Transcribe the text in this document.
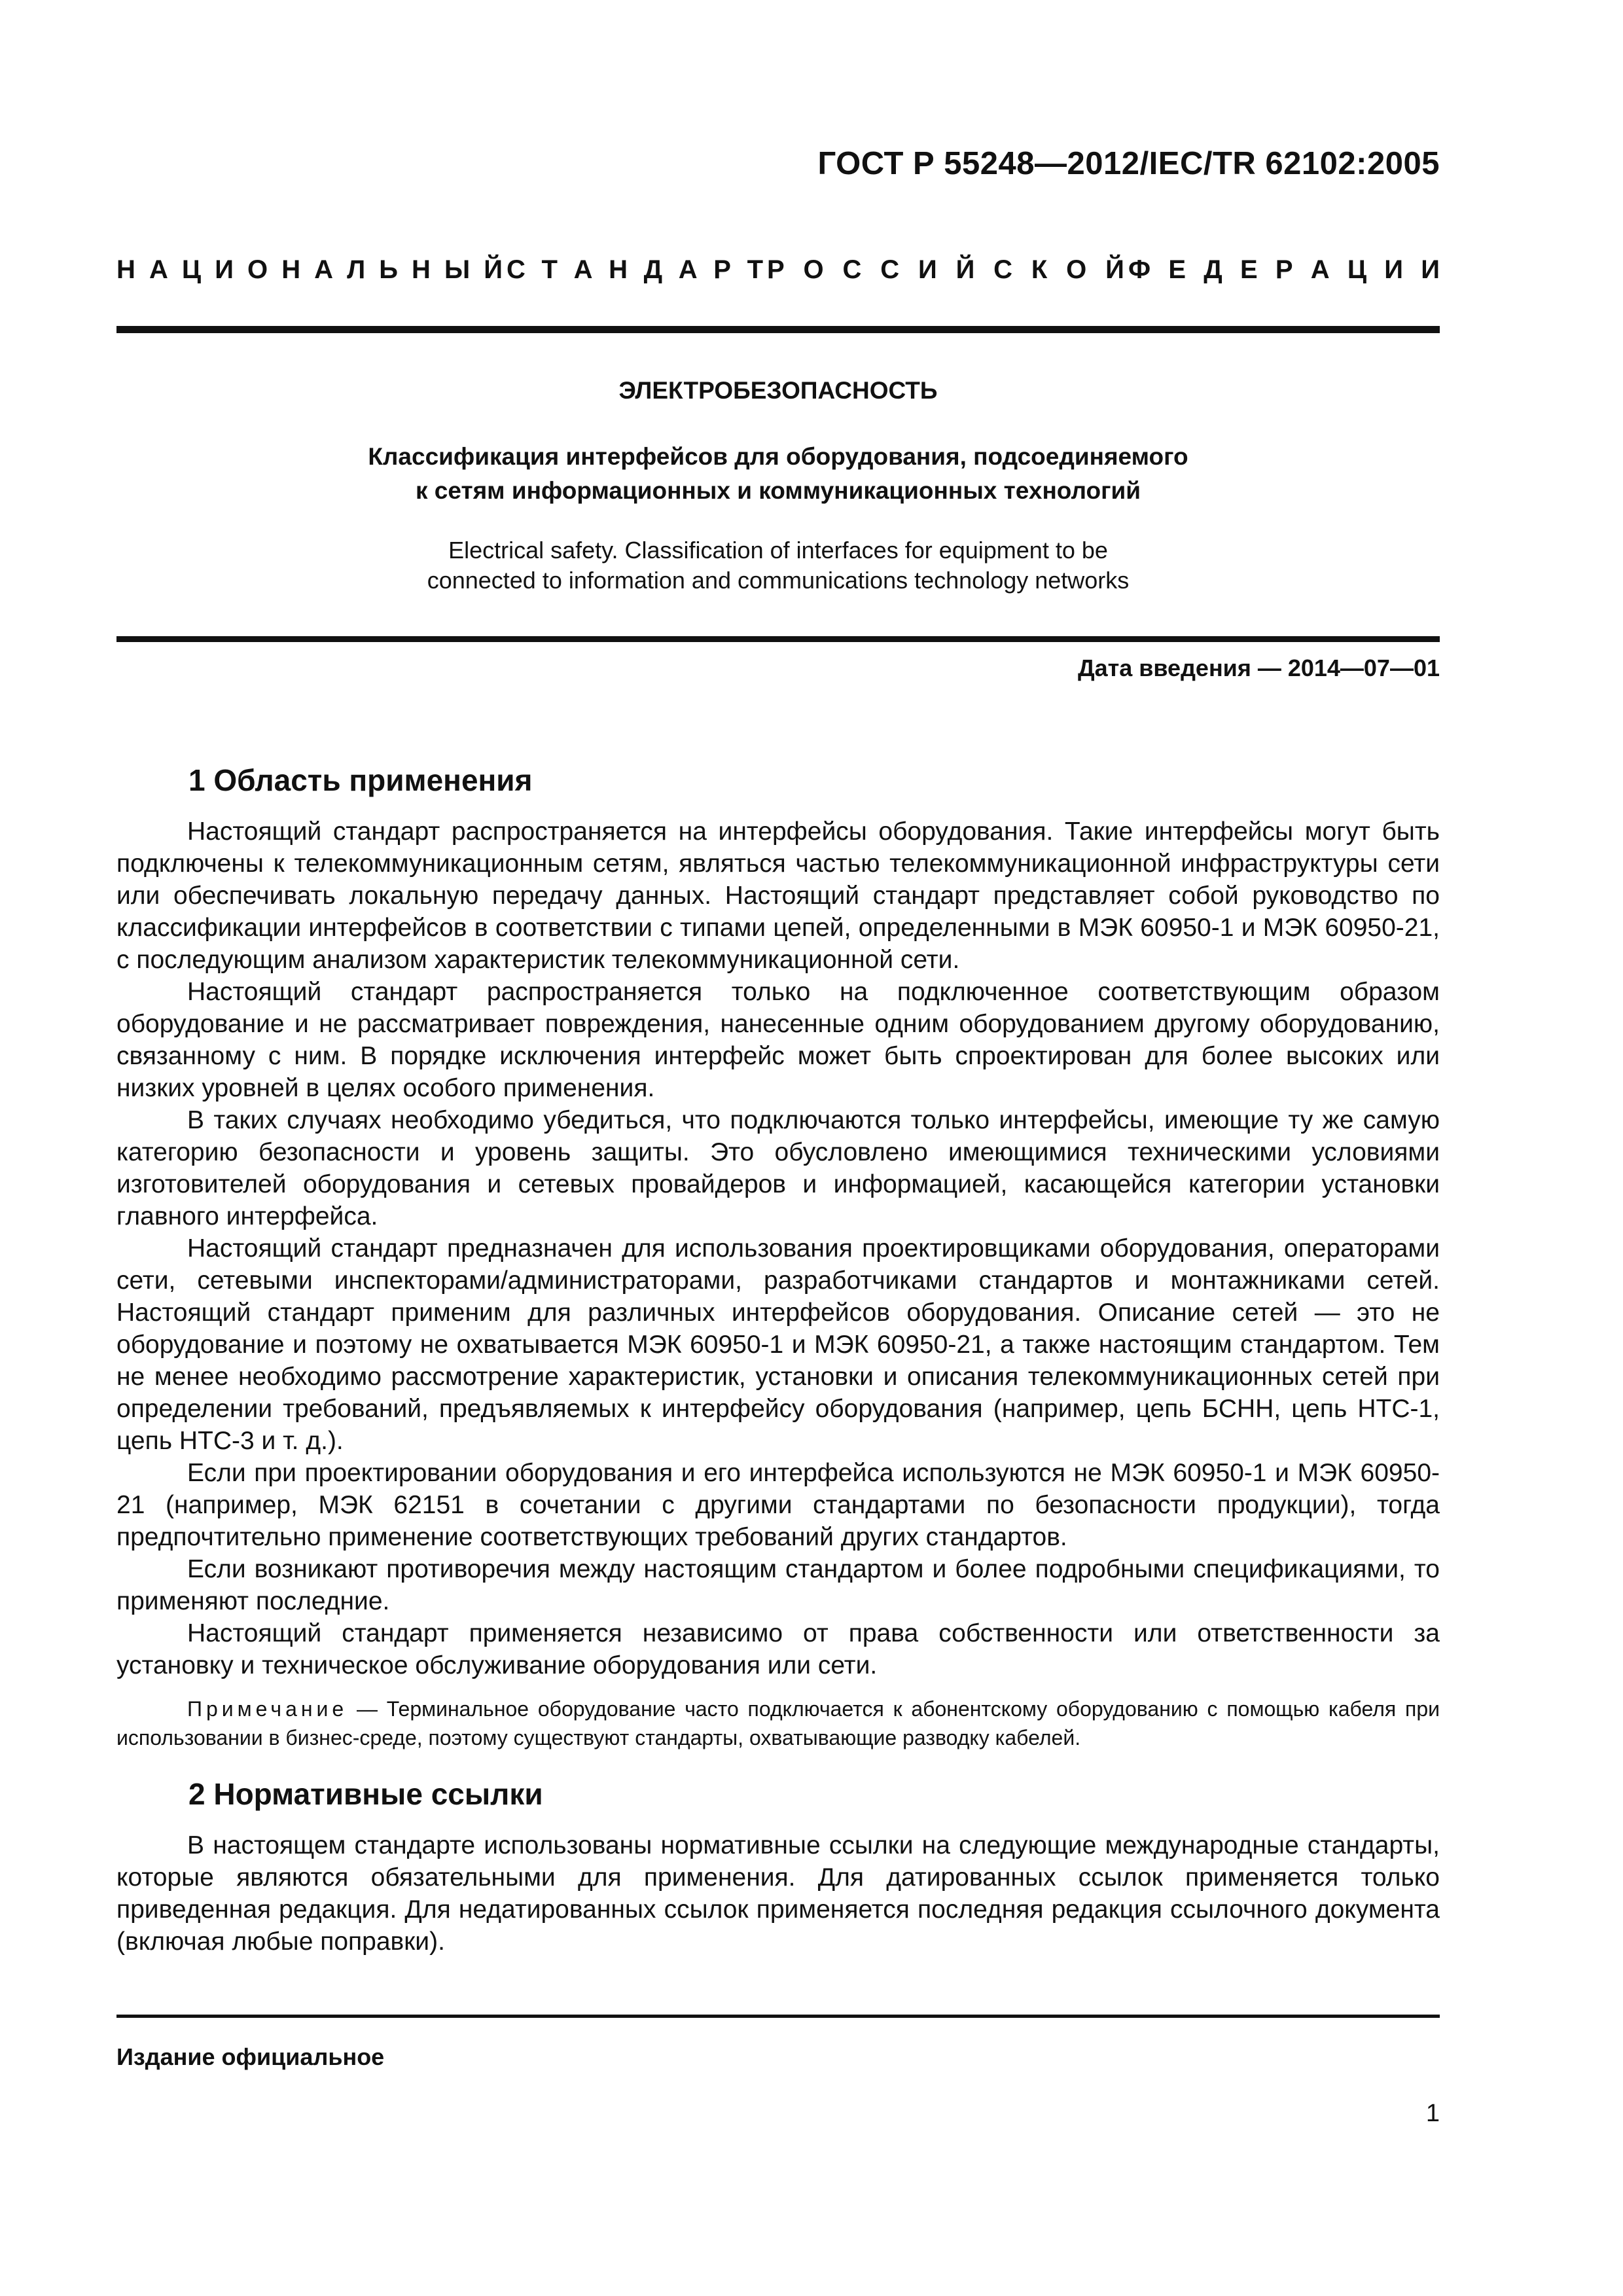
ГОСТ Р 55248—2012/IEC/TR 62102:2005
Н А Ц И О Н А Л Ь Н Ы Й С Т А Н Д А Р Т Р О С С И Й С К О Й Ф Е Д Е Р А Ц И И
ЭЛЕКТРОБЕЗОПАСНОСТЬ
Классификация интерфейсов для оборудования, подсоединяемого
к сетям информационных и коммуникационных технологий
Electrical safety. Classification of interfaces for equipment to be
connected to information and communications technology networks
Дата введения — 2014—07—01
1 Область применения

Настоящий стандарт распространяется на интерфейсы оборудования. Такие интерфейсы могут быть подключены к телекоммуникационным сетям, являться частью телекоммуникационной инфраструктуры сети или обеспечивать локальную передачу данных. Настоящий стандарт представляет собой руководство по классификации интерфейсов в соответствии с типами цепей, определенными в МЭК 60950-1 и МЭК 60950-21, с последующим анализом характеристик телекоммуникационной сети.

Настоящий стандарт распространяется только на подключенное соответствующим образом оборудование и не рассматривает повреждения, нанесенные одним оборудованием другому оборудованию, связанному с ним. В порядке исключения интерфейс может быть спроектирован для более высоких или низких уровней в целях особого применения.

В таких случаях необходимо убедиться, что подключаются только интерфейсы, имеющие ту же самую категорию безопасности и уровень защиты. Это обусловлено имеющимися техническими условиями изготовителей оборудования и сетевых провайдеров и информацией, касающейся категории установки главного интерфейса.

Настоящий стандарт предназначен для использования проектировщиками оборудования, операторами сети, сетевыми инспекторами/администраторами, разработчиками стандартов и монтажниками сетей. Настоящий стандарт применим для различных интерфейсов оборудования. Описание сетей — это не оборудование и поэтому не охватывается МЭК 60950-1 и МЭК 60950-21, а также настоящим стандартом. Тем не менее необходимо рассмотрение характеристик, установки и описания телекоммуникационных сетей при определении требований, предъявляемых к интерфейсу оборудования (например, цепь БСНН, цепь НТС-1, цепь НТС-3 и т. д.).

Если при проектировании оборудования и его интерфейса используются не МЭК 60950-1 и МЭК 60950-21 (например, МЭК 62151 в сочетании с другими стандартами по безопасности продукции), тогда предпочтительно применение соответствующих требований других стандартов.

Если возникают противоречия между настоящим стандартом и более подробными спецификациями, то применяют последние.

Настоящий стандарт применяется независимо от права собственности или ответственности за установку и техническое обслуживание оборудования или сети.

Примечание — Терминальное оборудование часто подключается к абонентскому оборудованию с помощью кабеля при использовании в бизнес-среде, поэтому существуют стандарты, охватывающие разводку кабелей.

2 Нормативные ссылки

В настоящем стандарте использованы нормативные ссылки на следующие международные стандарты, которые являются обязательными для применения. Для датированных ссылок применяется только приведенная редакция. Для недатированных ссылок применяется последняя редакция ссылочного документа (включая любые поправки).

Издание официальное
1
